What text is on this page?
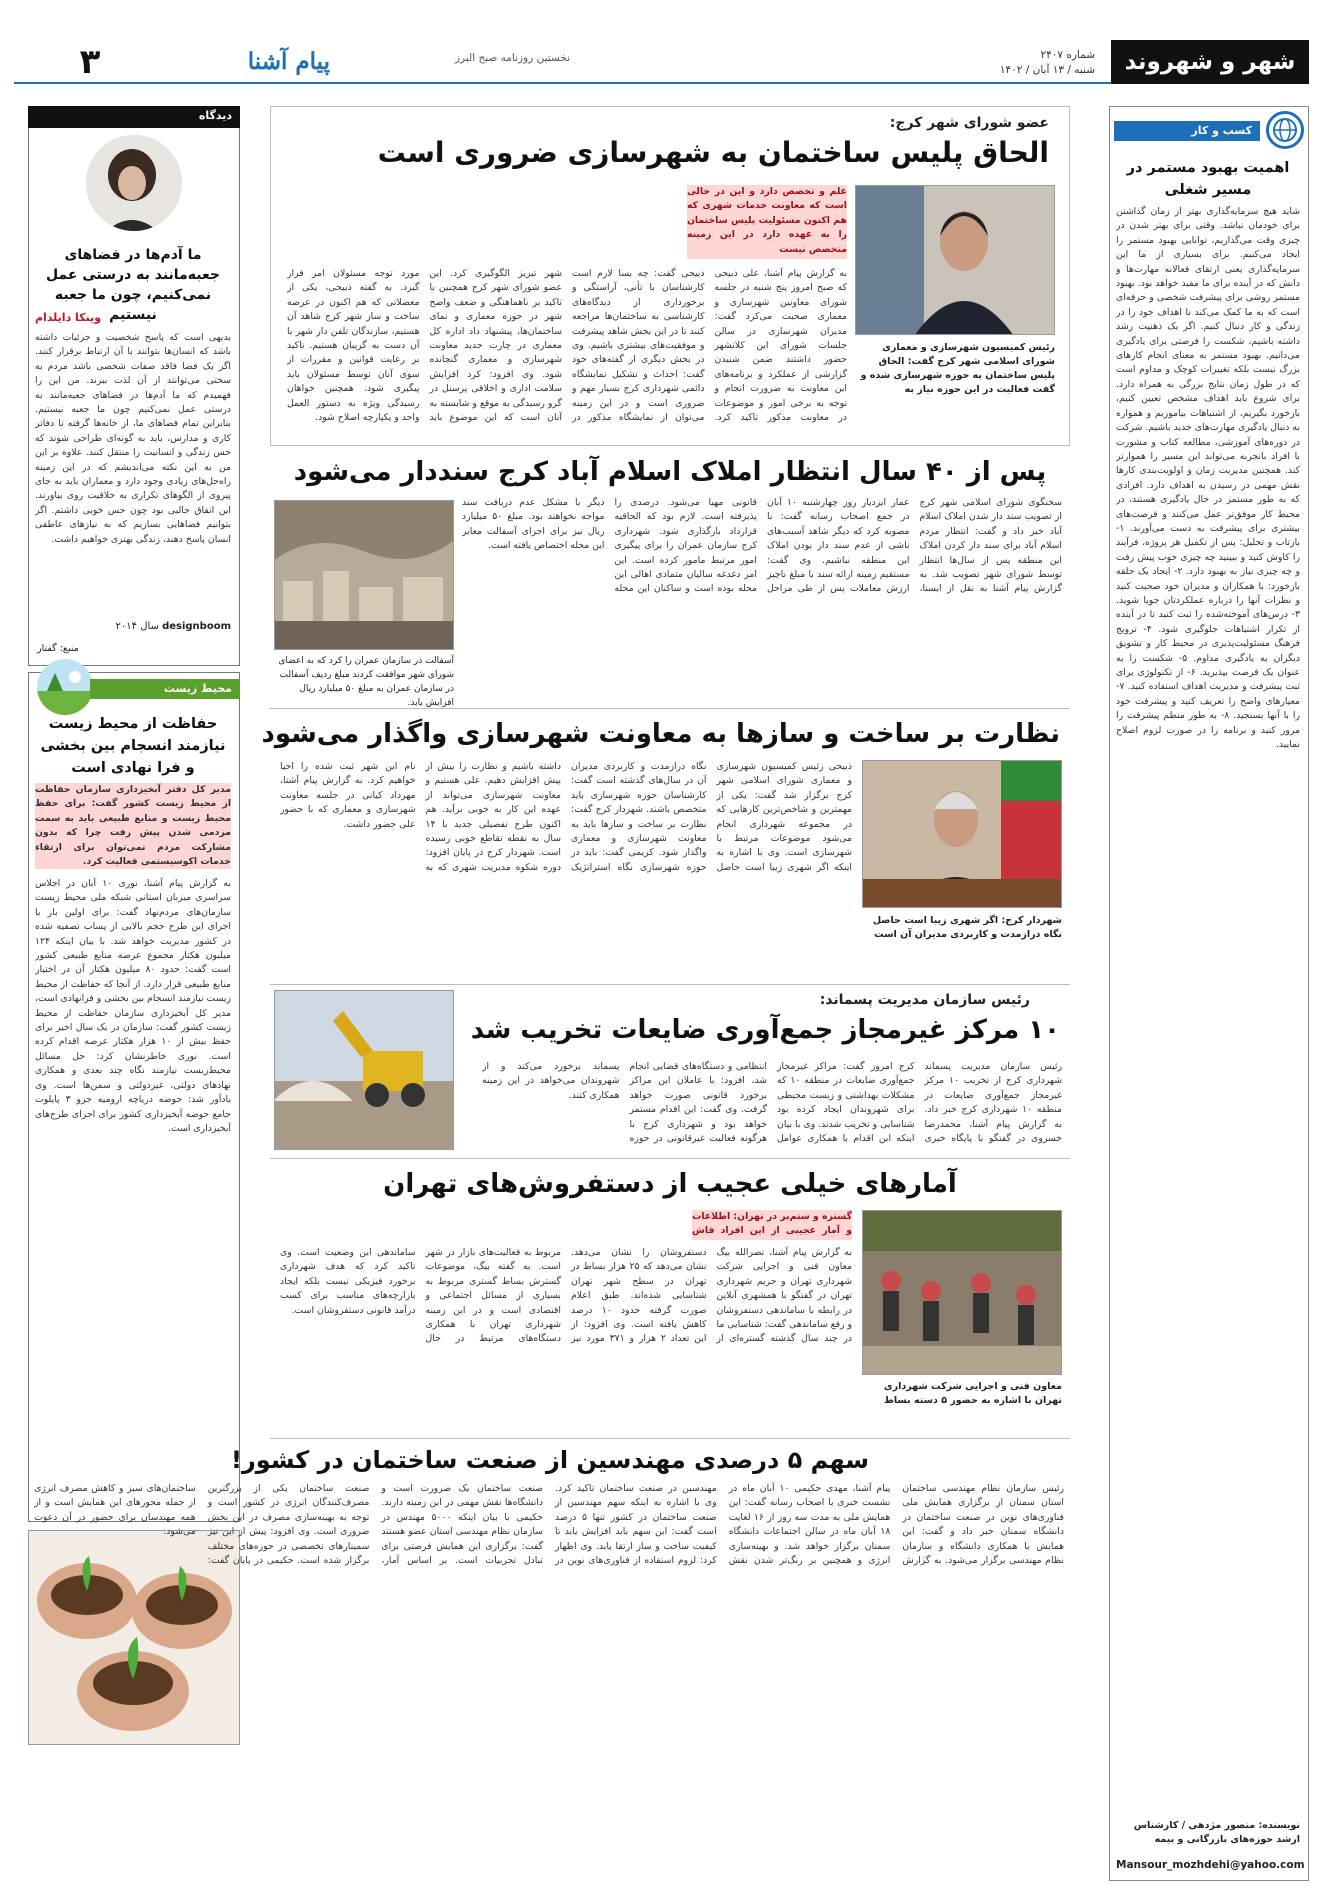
شهر و شهروند
شماره ۲۴۰۷
شنبه / ۱۳ آبان / ۱۴۰۲
نخستین روزنامه صبح البرز
پیام آشنا
۳
کسب و کار
اهمیت بهبود مستمر در مسیر شغلی
شاید هیچ سرمایه‌گذاری بهتر از زمان گذاشتن برای خودمان نباشد. وقتی برای بهتر شدن در چیزی وقت می‌گذاریم، توانایی بهبود مستمر را ایجاد می‌کنیم. برای بسیاری از ما این سرمایه‌گذاری یعنی ارتقای فعالانه مهارت‌ها و دانش که در آینده برای ما مفید خواهد بود. بهبود مستمر روشی برای پیشرفت شخصی و حرفه‌ای است که به ما کمک می‌کند تا اهداف خود را در زندگی و کار دنبال کنیم. اگر یک ذهنیت رشد داشته باشیم، شکست را فرصتی برای یادگیری می‌دانیم. بهبود مستمر به معنای انجام کارهای بزرگ نیست بلکه تغییرات کوچک و مداوم است که در طول زمان نتایج بزرگی به همراه دارد. برای شروع باید اهداف مشخص تعیین کنیم، بازخورد بگیریم، از اشتباهات بیاموزیم و همواره به دنبال یادگیری مهارت‌های جدید باشیم. شرکت در دوره‌های آموزشی، مطالعه کتاب و مشورت با افراد باتجربه می‌تواند این مسیر را هموارتر کند. همچنین مدیریت زمان و اولویت‌بندی کارها نقش مهمی در رسیدن به اهداف دارد. افرادی که به طور مستمر در حال یادگیری هستند، در محیط کار موفق‌تر عمل می‌کنند و فرصت‌های بیشتری برای پیشرفت به دست می‌آورند. ۱- بازتاب و تحلیل: پس از تکمیل هر پروژه، فرآیند را کاوش کنید و ببینید چه چیزی خوب پیش رفت و چه چیزی نیاز به بهبود دارد. ۲- ایجاد یک حلقه بازخورد: با همکاران و مدیران خود صحبت کنید و نظرات آنها را درباره عملکردتان جویا شوید. ۳- درس‌های آموخته‌شده را ثبت کنید تا در آینده از تکرار اشتباهات جلوگیری شود. ۴- ترویج فرهنگ مسئولیت‌پذیری در محیط کار و تشویق دیگران به یادگیری مداوم. ۵- شکست را به عنوان یک فرصت بپذیرید. ۶- از تکنولوژی برای ثبت پیشرفت و مدیریت اهداف استفاده کنید. ۷- معیارهای واضح را تعریف کنید و پیشرفت خود را با آنها بسنجید. ۸- به طور منظم پیشرفت را مرور کنید و برنامه را در صورت لزوم اصلاح نمایید.
نویسنده: منصور مژدهی / کارشناس ارشد حوزه‌های بازرگانی و بیمه
Mansour_mozhdehi@yahoo.com
دیدگاه
ما آدم‌ها در فضاهای جعبه‌مانند به درستی عمل نمی‌کنیم، چون ما جعبه نیستیم
وینکا دایلدام
بدیهی است که پاسخ شخصیت و جزئیات داشته باشد که انسان‌ها بتوانند با آن ارتباط برقرار کنند. اگر یک فضا فاقد صفات شخصی باشد مردم به سختی می‌توانند از آن لذت ببرند. من این را فهمیدم که ما آدم‌ها در فضاهای جعبه‌مانند به درستی عمل نمی‌کنیم چون ما جعبه نیستیم. بنابراین تمام فضاهای ما، از خانه‌ها گرفته تا دفاتر کاری و مدارس، باید به گونه‌ای طراحی شوند که حس زندگی و انسانیت را منتقل کنند. علاوه بر این من به این نکته می‌اندیشم که در این زمینه راه‌حل‌های زیادی وجود دارد و معماران باید به جای پیروی از الگوهای تکراری به خلاقیت روی بیاورند. این اتفاق جالبی بود چون حس خوبی داشتم. اگر بتوانیم فضاهایی بسازیم که به نیازهای عاطفی انسان پاسخ دهند، زندگی بهتری خواهیم داشت.
سال ۲۰۱۴ designboom
منبع: گفتار
محیط زیست
حفاظت از محیط زیست نیازمند انسجام بین بخشی و فرا نهادی است
مدیر کل دفتر آبخیزداری سازمان حفاظت از محیط زیست کشور گفت: برای حفظ محیط زیست و منابع طبیعی باید به سمت مردمی شدن پیش رفت چرا که بدون مشارکت مردم نمی‌توان برای ارتقاء خدمات اکوسیستمی فعالیت کرد.
به گزارش پیام آشنا، نوری ۱۰ آبان در اجلاس سراسری میزبان استانی شبکه ملی محیط زیست سازمان‌های مردم‌نهاد گفت: برای اولین بار با اجرای این طرح حجم بالایی از پساب تصفیه شده در کشور مدیریت خواهد شد. با بیان اینکه ۱۲۴ میلیون هکتار مجموع عرصه منابع طبیعی کشور است گفت: حدود ۸۰ میلیون هکتار آن در اختیار منابع طبیعی قرار دارد. از آنجا که حفاظت از محیط زیست نیازمند انسجام بین بخشی و فرانهادی است، مدیر کل آبخیزداری سازمان حفاظت از محیط زیست کشور گفت: سازمان در یک سال اخیر برای حفظ بیش از ۱۰ هزار هکتار عرصه اقدام کرده است. نوری خاطرنشان کرد: حل مسائل محیط‌زیست نیازمند نگاه چند بعدی و همکاری نهادهای دولتی، غیردولتی و سمن‌ها است. وی یادآور شد: حوضه دریاچه ارومیه جزو ۳ پایلوت جامع حوضه آبخیزداری کشور برای اجرای طرح‌های آبخیزداری است.
عضو شورای شهر کرج:
الحاق پلیس ساختمان به شهرسازی ضروری است
رئیس کمیسیون شهرسازی و معماری شورای اسلامی شهر کرج گفت: الحاق پلیس ساختمان به حوزه شهرسازی شده و گفت فعالیت در این حوزه نیاز به
علم و تخصص دارد و این در حالی است که معاونت خدمات شهری که هم اکنون مسئولیت پلیس ساختمان را به عهده دارد در این زمینه متخصص نیست
به گزارش پیام آشنا، علی ذبیحی که صبح امروز پنج شنبه در جلسه شورای معاونین شهرسازی و معماری صحبت می‌کرد گفت: مدیران شهرسازی در سالن جلسات شورای این کلانشهر حضور داشتند ضمن شنیدن گزارشی از عملکرد و برنامه‌های این معاونت به ضرورت انجام و توجه به برخی امور و موضوعات در معاونت مذکور تاکید کرد. ذبیحی گفت: چه بسا لازم است کارشناسان با تأنی، آراستگی و برخورداری از دیدگاه‌های کارشناسی به ساختمان‌ها مراجعه کنند تا در این بخش شاهد پیشرفت و موفقیت‌های بیشتری باشیم. وی در بخش دیگری از گفته‌های خود گفت: احداث و تشکیل نمایشگاه دائمی شهرداری کرج بسیار مهم و ضروری است و در این زمینه می‌توان از نمایشگاه مذکور در شهر تبریز الگوگیری کرد. این عضو شورای شهر کرج همچنین با تاکید بر ناهماهنگی و ضعف واضح شهر در حوزه معماری و نمای ساختمان‌ها، پیشنهاد داد اداره کل معماری در چارت جدید معاونت شهرسازی و معماری گنجانده شود. وی افزود: کرد افزایش سلامت اداری و اخلاقی پرسنل در گرو رسیدگی به موقع و شایسته به آنان است که این موضوع باید مورد توجه مسئولان امر قرار گیرد. به گفته ذبیحی، یکی از معضلاتی که هم اکنون در عرصه ساخت و ساز شهر کرج شاهد آن هستیم، سازندگان تلفن دار شهر با آن دست به گریبان هستیم. تاکید بر رعایت قوانین و مقررات از سوی آنان توسط مسئولان باید پیگیری شود. همچنین خواهان رسیدگی ویژه به دستور العمل واحد و یکپارچه اصلاح شود.
پس از ۴۰ سال انتظار املاک اسلام آباد کرج سنددار می‌شود
سخنگوی شورای اسلامی شهر کرج از تصویب سند دار شدن املاک اسلام آباد خبر داد و گفت: انتظار مردم اسلام آباد برای سند دار کردن املاک این منطقه پس از سال‌ها انتظار توسط شورای شهر تصویب شد. به گزارش پیام آشنا به نقل از ایسنا، عمار ایزدیار روز چهارشنبه ۱۰ آبان در جمع اصحاب رسانه گفت: با مصوبه کرد که دیگر شاهد آسیب‌های ناشی از عدم سند دار بودن املاک این منطقه نباشیم. وی گفت: مستقیم زمینه ارائه سند با مبلغ ناچیز ارزش معاملات پس از طی مراحل قانونی مهیا می‌شود. درصدی را پذیرفته است. لازم بود که الحاقیه قرارداد بارگذاری شود. شهرداری کرج سازمان عمران را برای پیگیری امور مرتبط مامور کرده است. این امر دغدغه سالیان متمادی اهالی این محله بوده است و ساکنان این محله دیگر با مشکل عدم دریافت سند مواجه نخواهند بود. مبلغ ۵۰ میلیارد ریال نیز برای اجرای آسفالت معابر این محله اختصاص یافته است.
آسفالت در سازمان عمران را کرد که به اعضای شورای شهر موافقت کردند مبلغ ردیف آسفالت در سازمان عمران به مبلغ ۵۰ میلیارد ریال افزایش یابد.
نظارت بر ساخت و سازها به معاونت شهرسازی واگذار می‌شود
شهردار کرج: اگر شهری زیبا است حاصل نگاه درازمدت و کاربردی مدیران آن است
ذبیحی رئیس کمیسیون شهرسازی و معماری شورای اسلامی شهر کرج برگزار شد گفت: یکی از مهمترین و شاخص‌ترین کارهایی که در مجموعه شهرداری انجام می‌شود موضوعات مرتبط با شهرسازی است. وی با اشاره به اینکه اگر شهری زیبا است حاصل نگاه درازمدت و کاربردی مدیران آن در سال‌های گذشته است گفت: کارشناسان حوزه شهرسازی باید متخصص باشند. شهردار کرج گفت: نظارت بر ساخت و سازها باید به معاونت شهرسازی و معماری واگذار شود. کریمی گفت: باید در حوزه شهرسازی نگاه استراتژیک داشته باشیم و نظارت را بیش از پیش افزایش دهیم. علی هستیم و معاونت شهرسازی می‌تواند از عهده این کار به خوبی برآید. هم اکنون طرح تفصیلی جدید با ۱۴ سال به نقطه تقاطع خوبی رسیده است. شهردار کرج در پایان افزود: دوره شکوه مدیریت شهری که به نام این شهر ثبت شده را احیا خواهیم کرد. به گزارش پیام آشنا، مهرداد کیانی در جلسه معاونت شهرسازی و معماری که با حضور علی حضور داشت.
رئیس سازمان مدیریت پسماند:
۱۰ مرکز غیرمجاز جمع‌آوری ضایعات تخریب شد
رئیس سازمان مدیریت پسماند شهرداری کرج از تخریب ۱۰ مرکز غیرمجاز جمع‌آوری ضایعات در منطقه ۱۰ شهرداری کرج خبر داد. به گزارش پیام آشنا، محمدرضا خسروی در گفتگو با پایگاه خبری کرج امروز گفت: مراکز غیرمجاز جمع‌آوری ضایعات در منطقه ۱۰ که مشکلات بهداشتی و زیست محیطی برای شهروندان ایجاد کرده بود شناسایی و تخریب شدند. وی با بیان اینکه این اقدام با همکاری عوامل انتظامی و دستگاه‌های قضایی انجام شد، افزود: با عاملان این مراکز برخورد قانونی صورت خواهد گرفت. وی گفت: این اقدام مستمر خواهد بود و شهرداری کرج با هرگونه فعالیت غیرقانونی در حوزه پسماند برخورد می‌کند و از شهروندان می‌خواهد در این زمینه همکاری کنند.
آمارهای خیلی عجیب از دستفروش‌های تهران
معاون فنی و اجرایی شرکت شهرداری تهران با اشاره به حضور ۵ دسته بساط
گستره و ستم‌بر در تهران: اطلاعات و آمار عجیبی از این افراد فاش
به گزارش پیام آشنا، نصرالله بیگ معاون فنی و اجرایی شرکت شهرداری تهران و حریم شهرداری تهران در گفتگو با همشهری آنلاین در رابطه با ساماندهی دستفروشان و رفع ساماندهی گفت: شناسایی ما در چند سال گذشته گستره‌ای از دستفروشان را نشان می‌دهد. نشان می‌دهد که ۲۵ هزار بساط در تهران در سطح شهر تهران شناسایی شده‌اند. طبق اعلام صورت گرفته حدود ۱۰ درصد کاهش یافته است. وی افزود: از این تعداد ۲ هزار و ۳۷۱ مورد نیز مربوط به فعالیت‌های بازار در شهر است. به گفته بیگ، موضوعات گسترش بساط گستری مربوط به بسیاری از مسائل اجتماعی و اقتصادی است و در این زمینه شهرداری تهران با همکاری دستگاه‌های مرتبط در حال ساماندهی این وضعیت است. وی تاکید کرد که هدف شهرداری برخورد فیزیکی نیست بلکه ایجاد بازارچه‌های مناسب برای کسب درآمد قانونی دستفروشان است.
سهم ۵ درصدی مهندسین از صنعت ساختمان در کشور!
رئیس سازمان نظام مهندسی ساختمان استان سمنان از برگزاری همایش ملی فناوری‌های نوین در صنعت ساختمان در دانشگاه سمنان خبر داد و گفت: این همایش با همکاری دانشگاه و سازمان نظام مهندسی برگزار می‌شود. به گزارش پیام آشنا، مهدی حکیمی ۱۰ آبان ماه در نشست خبری با اصحاب رسانه گفت: این همایش ملی به مدت سه روز از ۱۶ لغایت ۱۸ آبان ماه در سالن اجتماعات دانشگاه سمنان برگزار خواهد شد. و بهینه‌سازی انرژی و همچنین بر رنگ‌تر شدن نقش مهندسین در صنعت ساختمان تاکید کرد. وی با اشاره به اینکه سهم مهندسین از صنعت ساختمان در کشور تنها ۵ درصد است گفت: این سهم باید افزایش یابد تا کیفیت ساخت و ساز ارتقا یابد. وی اظهار کرد: لزوم استفاده از فناوری‌های نوین در صنعت ساختمان یک ضرورت است و دانشگاه‌ها نقش مهمی در این زمینه دارند. حکیمی با بیان اینکه ۵۰۰۰ مهندس در سازمان نظام مهندسی استان عضو هستند گفت: برگزاری این همایش فرصتی برای تبادل تجربیات است. بر اساس آمار، صنعت ساختمان یکی از بزرگترین مصرف‌کنندگان انرژی در کشور است و توجه به بهینه‌سازی مصرف در این بخش ضروری است. وی افزود: پیش از این نیز سمینارهای تخصصی در حوزه‌های مختلف برگزار شده است. حکیمی در پایان گفت: ساختمان‌های سبز و کاهش مصرف انرژی از جمله محورهای این همایش است و از همه مهندسان برای حضور در آن دعوت می‌شود.
